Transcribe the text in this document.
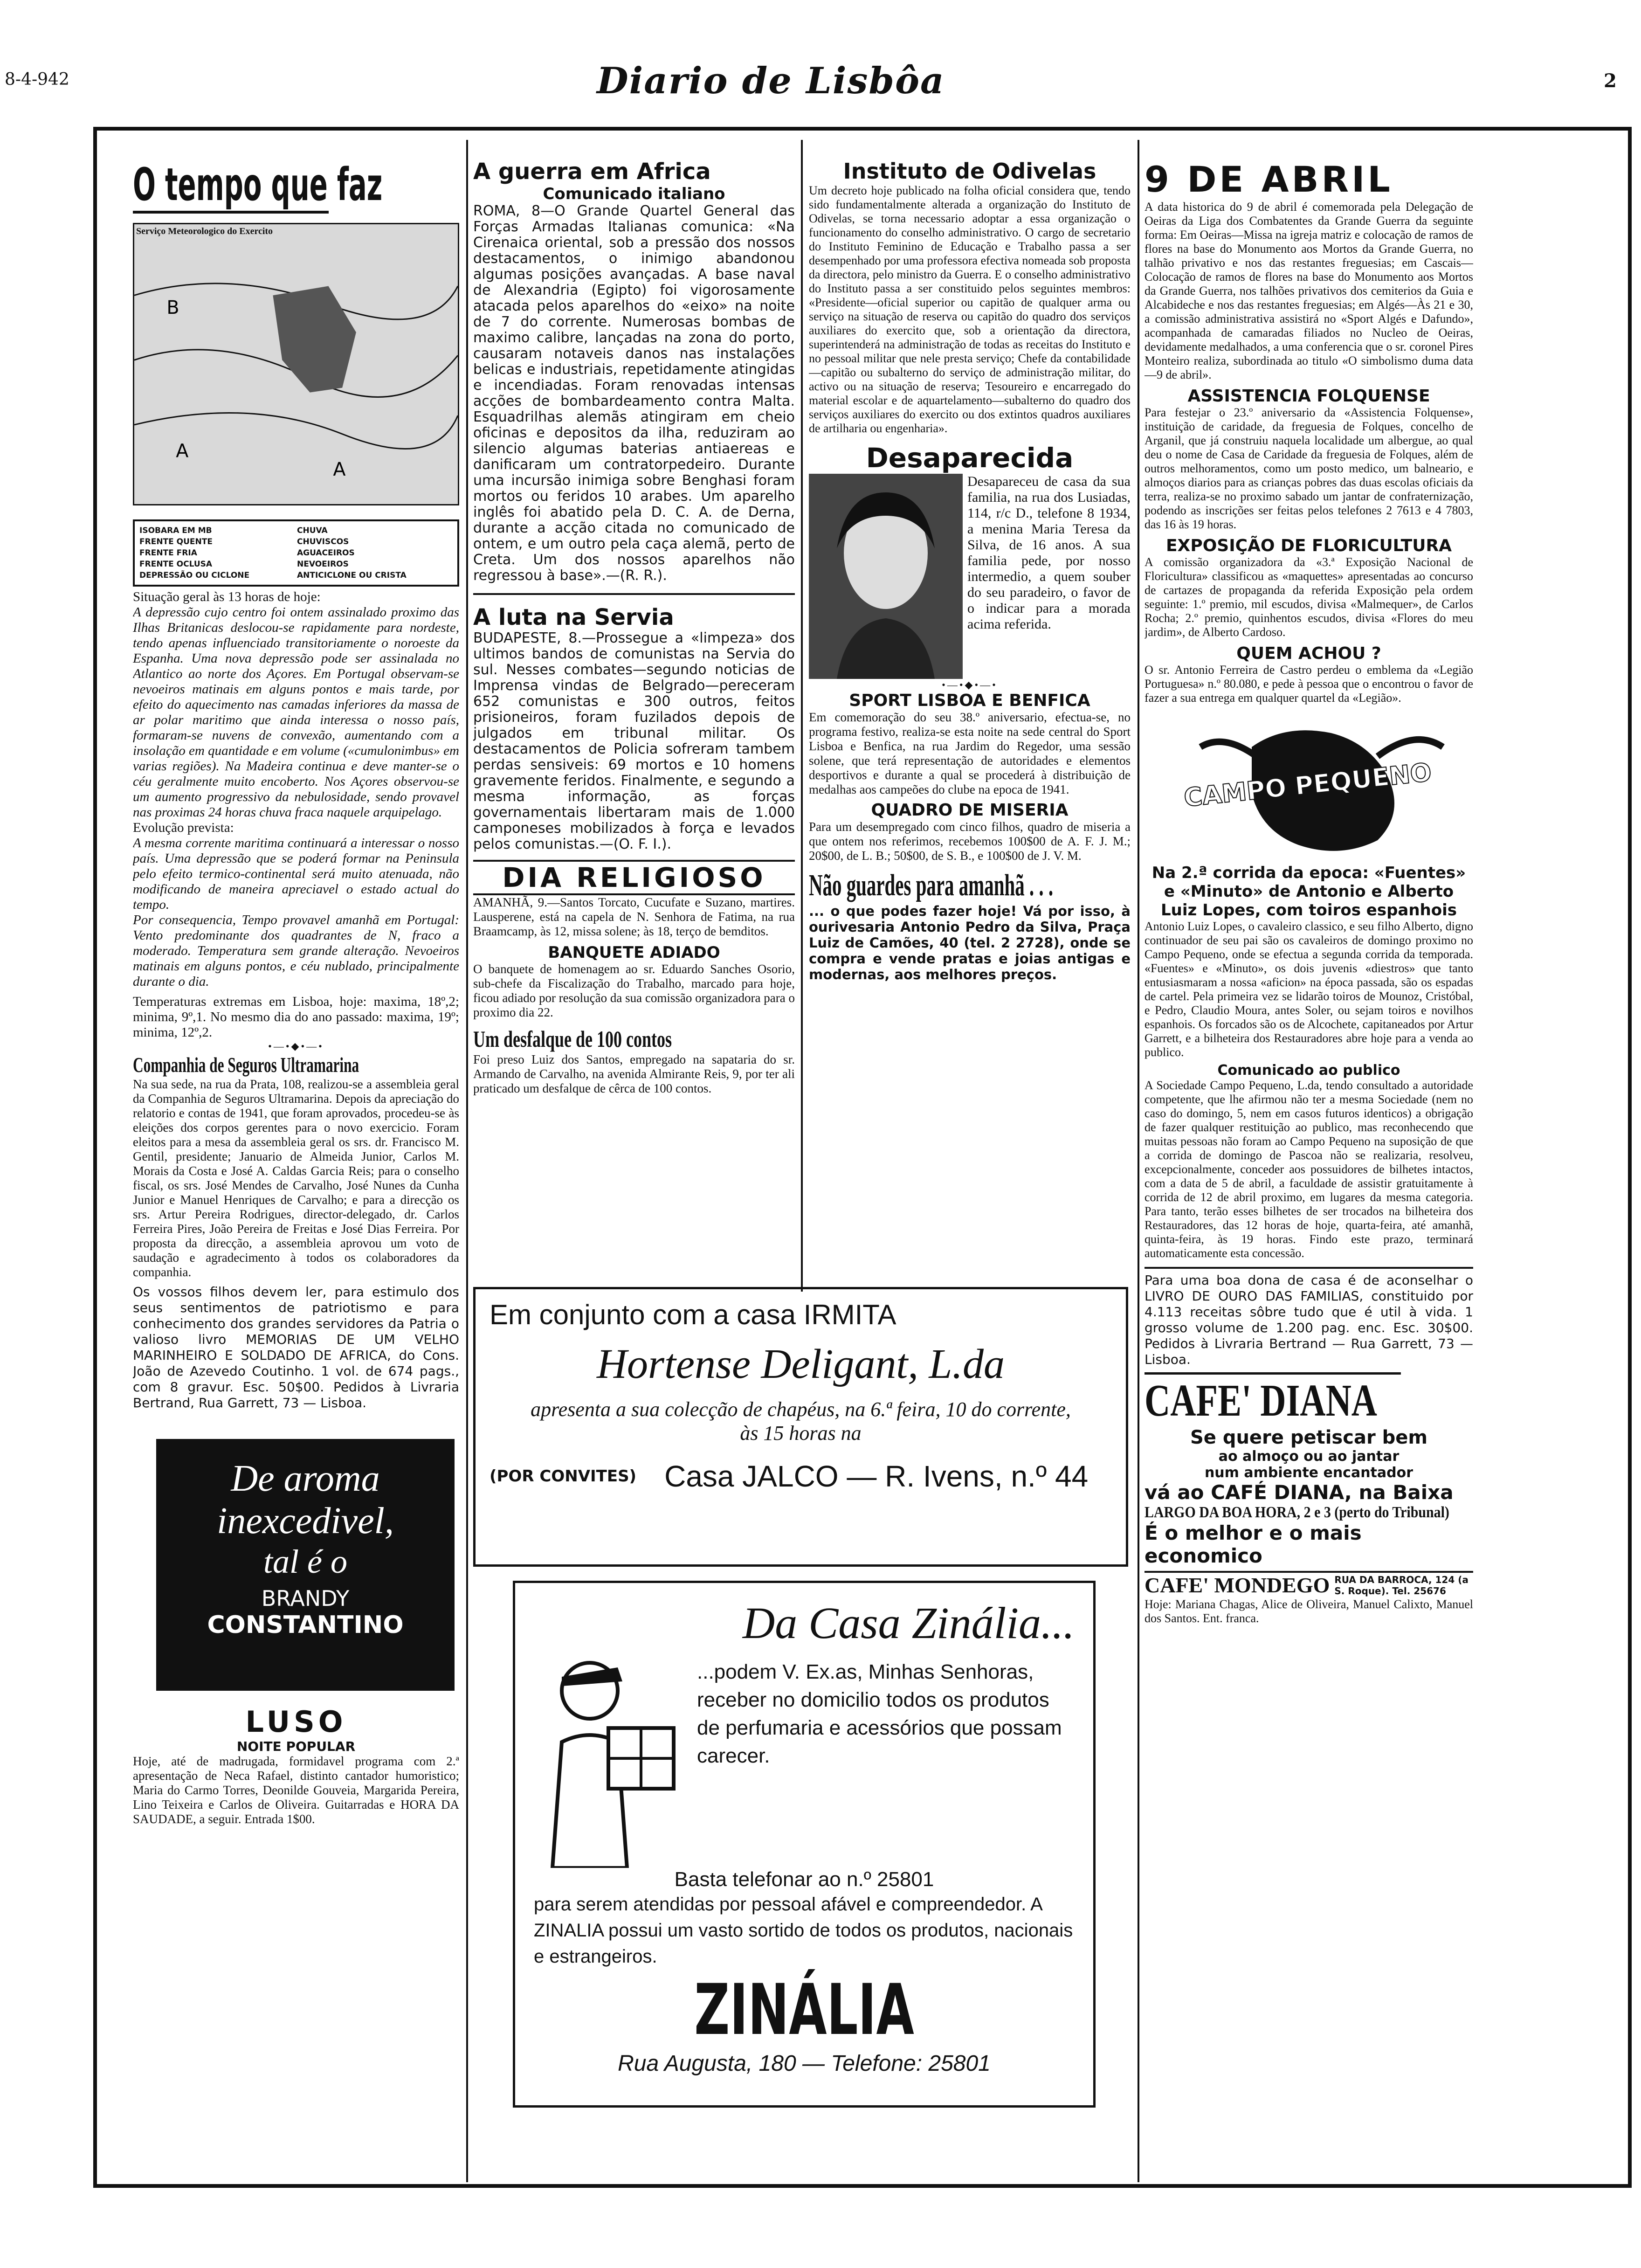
8-4-942	Diario de Lisbôa	2
O tempo que faz
Serviço Meteorologico do Exercito
B
A
A
ISOBARA EM MB	CHUVA
FRENTE QUENTE	CHUVISCOS
FRENTE FRIA	AGUACEIROS
FRENTE OCLUSA	NEVOEIROS
DEPRESSÃO OU CICLONE	ANTICICLONE OU CRISTA

Situação geral às 13 horas de hoje:

A depressão cujo centro foi ontem assinalado proximo das Ilhas Britanicas deslocou-se rapidamente para nordeste, tendo apenas influenciado transitoriamente o noroeste da Espanha. Uma nova depressão pode ser assinalada no Atlantico ao norte dos Açores. Em Portugal observam-se nevoeiros matinais em alguns pontos e mais tarde, por efeito do aquecimento nas camadas inferiores da massa de ar polar maritimo que ainda interessa o nosso país, formaram-se nuvens de convexão, aumentando com a insolação em quantidade e em volume («cumulonimbus» em varias regiões). Na Madeira continua e deve manter-se o céu geralmente muito encoberto. Nos Açores observou-se um aumento progressivo da nebulosidade, sendo provavel nas proximas 24 horas chuva fraca naquele arquipelago.

Evolução prevista:

A mesma corrente maritima continuará a interessar o nosso país. Uma depressão que se poderá formar na Peninsula pelo efeito termico-continental será muito atenuada, não modificando de maneira apreciavel o estado actual do tempo.

Por consequencia, Tempo provavel amanhã em Portugal: Vento predominante dos quadrantes de N, fraco a moderado. Temperatura sem grande alteração. Nevoeiros matinais em alguns pontos, e céu nublado, principalmente durante o dia.

Temperaturas extremas em Lisboa, hoje: maxima, 18º,2; minima, 9º,1. No mesmo dia do ano passado: maxima, 19º; minima, 12º,2.

•—•◆•—•
Companhia de Seguros Ultramarina

Na sua sede, na rua da Prata, 108, realizou-se a assembleia geral da Companhia de Seguros Ultramarina. Depois da apreciação do relatorio e contas de 1941, que foram aprovados, procedeu-se às eleições dos corpos gerentes para o novo exercicio. Foram eleitos para a mesa da assembleia geral os srs. dr. Francisco M. Gentil, presidente; Januario de Almeida Junior, Carlos M. Morais da Costa e José A. Caldas Garcia Reis; para o conselho fiscal, os srs. José Mendes de Carvalho, José Nunes da Cunha Junior e Manuel Henriques de Carvalho; e para a direcção os srs. Artur Pereira Rodrigues, director-delegado, dr. Carlos Ferreira Pires, João Pereira de Freitas e José Dias Ferreira. Por proposta da direcção, a assembleia aprovou um voto de saudação e agradecimento à todos os colaboradores da companhia.

Os vossos filhos devem ler, para estimulo dos seus sentimentos de patriotismo e para conhecimento dos grandes servidores da Patria o valioso livro MEMORIAS DE UM VELHO MARINHEIRO E SOLDADO DE AFRICA, do Cons. João de Azevedo Coutinho. 1 vol. de 674 pags., com 8 gravur. Esc. 50$00. Pedidos à Livraria Bertrand, Rua Garrett, 73 — Lisboa.

De aroma
inexcedivel,
tal é o
BRANDY
CONSTANTINO
LUSO
NOITE POPULAR

Hoje, até de madrugada, formidavel programa com 2.ª apresentação de Neca Rafael, distinto cantador humoristico; Maria do Carmo Torres, Deonilde Gouveia, Margarida Pereira, Lino Teixeira e Carlos de Oliveira. Guitarradas e HORA DA SAUDADE, a seguir. Entrada 1$00.

A guerra em Africa
Comunicado italiano

ROMA, 8—O Grande Quartel General das Forças Armadas Italianas comunica: «Na Cirenaica oriental, sob a pressão dos nossos destacamentos, o inimigo abandonou algumas posições avançadas. A base naval de Alexandria (Egipto) foi vigorosamente atacada pelos aparelhos do «eixo» na noite de 7 do corrente. Numerosas bombas de maximo calibre, lançadas na zona do porto, causaram notaveis danos nas instalações belicas e industriais, repetidamente atingidas e incendiadas. Foram renovadas intensas acções de bombardeamento contra Malta. Esquadrilhas alemãs atingiram em cheio oficinas e depositos da ilha, reduziram ao silencio algumas baterias antiaereas e danificaram um contratorpedeiro. Durante uma incursão inimiga sobre Benghasi foram mortos ou feridos 10 arabes. Um aparelho inglês foi abatido pela D. C. A. de Derna, durante a acção citada no comunicado de ontem, e um outro pela caça alemã, perto de Creta. Um dos nossos aparelhos não regressou à base».—(R. R.).

A luta na Servia

BUDAPESTE, 8.—Prossegue a «limpeza» dos ultimos bandos de comunistas na Servia do sul. Nesses combates—segundo noticias de Imprensa vindas de Belgrado—pereceram 652 comunistas e 300 outros, feitos prisioneiros, foram fuzilados depois de julgados em tribunal militar. Os destacamentos de Policia sofreram tambem perdas sensiveis: 69 mortos e 10 homens gravemente feridos. Finalmente, e segundo a mesma informação, as forças governamentais libertaram mais de 1.000 camponeses mobilizados à força e levados pelos comunistas.—(O. F. I.).

DIA RELIGIOSO

AMANHÃ, 9.—Santos Torcato, Cucufate e Suzano, martires. Lausperene, está na capela de N. Senhora de Fatima, na rua Braamcamp, às 12, missa solene; às 18, terço de bemditos.

BANQUETE ADIADO

O banquete de homenagem ao sr. Eduardo Sanches Osorio, sub-chefe da Fiscalização do Trabalho, marcado para hoje, ficou adiado por resolução da sua comissão organizadora para o proximo dia 22.

Um desfalque de 100 contos

Foi preso Luiz dos Santos, empregado na sapataria do sr. Armando de Carvalho, na avenida Almirante Reis, 9, por ter ali praticado um desfalque de cêrca de 100 contos.

Instituto de Odivelas

Um decreto hoje publicado na folha oficial considera que, tendo sido fundamentalmente alterada a organização do Instituto de Odivelas, se torna necessario adoptar a essa organização o funcionamento do conselho administrativo. O cargo de secretario do Instituto Feminino de Educação e Trabalho passa a ser desempenhado por uma professora efectiva nomeada sob proposta da directora, pelo ministro da Guerra. E o conselho administrativo do Instituto passa a ser constituido pelos seguintes membros: «Presidente—oficial superior ou capitão de qualquer arma ou serviço na situação de reserva ou capitão do quadro dos serviços auxiliares do exercito que, sob a orientação da directora, superintenderá na administração de todas as receitas do Instituto e no pessoal militar que nele presta serviço; Chefe da contabilidade—capitão ou subalterno do serviço de administração militar, do activo ou na situação de reserva; Tesoureiro e encarregado do material escolar e de aquartelamento—subalterno do quadro dos serviços auxiliares do exercito ou dos extintos quadros auxiliares de artilharia ou engenharia».

Desaparecida

Desapareceu de casa da sua familia, na rua dos Lusiadas, 114, r/c D., telefone 8 1934, a menina Maria Teresa da Silva, de 16 anos. A sua familia pede, por nosso intermedio, a quem souber do seu paradeiro, o favor de o indicar para a morada acima referida.

•—•◆•—•
SPORT LISBOA E BENFICA

Em comemoração do seu 38.º aniversario, efectua-se, no programa festivo, realiza-se esta noite na sede central do Sport Lisboa e Benfica, na rua Jardim do Regedor, uma sessão solene, que terá representação de autoridades e elementos desportivos e durante a qual se procederá à distribuição de medalhas aos campeões do clube na epoca de 1941.

QUADRO DE MISERIA

Para um desempregado com cinco filhos, quadro de miseria a que ontem nos referimos, recebemos 100$00 de A. F. J. M.; 20$00, de L. B.; 50$00, de S. B., e 100$00 de J. V. M.

Não guardes para amanhã . . .

... o que podes fazer hoje! Vá por isso, à ourivesaria Antonio Pedro da Silva, Praça Luiz de Camões, 40 (tel. 2 2728), onde se compra e vende pratas e joias antigas e modernas, aos melhores preços.

9 DE ABRIL

A data historica do 9 de abril é comemorada pela Delegação de Oeiras da Liga dos Combatentes da Grande Guerra da seguinte forma: Em Oeiras—Missa na igreja matriz e colocação de ramos de flores na base do Monumento aos Mortos da Grande Guerra, no talhão privativo e nos das restantes freguesias; em Cascais—Colocação de ramos de flores na base do Monumento aos Mortos da Grande Guerra, nos talhões privativos dos cemiterios da Guia e Alcabideche e nos das restantes freguesias; em Algés—Às 21 e 30, a comissão administrativa assistirá no «Sport Algés e Dafundo», acompanhada de camaradas filiados no Nucleo de Oeiras, devidamente medalhados, a uma conferencia que o sr. coronel Pires Monteiro realiza, subordinada ao titulo «O simbolismo duma data—9 de abril».

ASSISTENCIA FOLQUENSE

Para festejar o 23.º aniversario da «Assistencia Folquense», instituição de caridade, da freguesia de Folques, concelho de Arganil, que já construiu naquela localidade um albergue, ao qual deu o nome de Casa de Caridade da freguesia de Folques, além de outros melhoramentos, como um posto medico, um balneario, e almoços diarios para as crianças pobres das duas escolas oficiais da terra, realiza-se no proximo sabado um jantar de confraternização, podendo as inscrições ser feitas pelos telefones 2 7613 e 4 7803, das 16 às 19 horas.

EXPOSIÇÃO DE FLORICULTURA

A comissão organizadora da «3.ª Exposição Nacional de Floricultura» classificou as «maquettes» apresentadas ao concurso de cartazes de propaganda da referida Exposição pela ordem seguinte: 1.º premio, mil escudos, divisa «Malmequer», de Carlos Rocha; 2.º premio, quinhentos escudos, divisa «Flores do meu jardim», de Alberto Cardoso.

QUEM ACHOU ?

O sr. Antonio Ferreira de Castro perdeu o emblema da «Legião Portuguesa» n.º 80.080, e pede à pessoa que o encontrou o favor de fazer a sua entrega em qualquer quartel da «Legião».

CAMPO PEQUENO
Na 2.ª corrida da epoca: «Fuentes» e «Minuto» de Antonio e Alberto Luiz Lopes, com toiros espanhois

Antonio Luiz Lopes, o cavaleiro classico, e seu filho Alberto, digno continuador de seu pai são os cavaleiros de domingo proximo no Campo Pequeno, onde se efectua a segunda corrida da temporada. «Fuentes» e «Minuto», os dois juvenis «diestros» que tanto entusiasmaram a nossa «aficion» na época passada, são os espadas de cartel. Pela primeira vez se lidarão toiros de Mounoz, Cristóbal, e Pedro, Claudio Moura, antes Soler, ou sejam toiros e novilhos espanhois. Os forcados são os de Alcochete, capitaneados por Artur Garrett, e a bilheteira dos Restauradores abre hoje para a venda ao publico.

Comunicado ao publico

A Sociedade Campo Pequeno, L.da, tendo consultado a autoridade competente, que lhe afirmou não ter a mesma Sociedade (nem no caso do domingo, 5, nem em casos futuros identicos) a obrigação de fazer qualquer restituição ao publico, mas reconhecendo que muitas pessoas não foram ao Campo Pequeno na suposição de que a corrida de domingo de Pascoa não se realizaria, resolveu, excepcionalmente, conceder aos possuidores de bilhetes intactos, com a data de 5 de abril, a faculdade de assistir gratuitamente à corrida de 12 de abril proximo, em lugares da mesma categoria. Para tanto, terão esses bilhetes de ser trocados na bilheteira dos Restauradores, das 12 horas de hoje, quarta-feira, até amanhã, quinta-feira, às 19 horas. Findo este prazo, terminará automaticamente esta concessão.

Para uma boa dona de casa é de aconselhar o LIVRO DE OURO DAS FAMILIAS, constituido por 4.113 receitas sôbre tudo que é util à vida. 1 grosso volume de 1.200 pag. enc. Esc. 30$00. Pedidos à Livraria Bertrand — Rua Garrett, 73 — Lisboa.

CAFE' DIANA
Se quere petiscar bem
ao almoço ou ao jantar
num ambiente encantador
vá ao CAFÉ DIANA, na Baixa
LARGO DA BOA HORA, 2 e 3 (perto do Tribunal)
É o melhor e o mais economico
CAFE' MONDEGO RUA DA BARROCA, 124 (a S. Roque). Tel. 25676

Hoje: Mariana Chagas, Alice de Oliveira, Manuel Calixto, Manuel dos Santos. Ent. franca.

Em conjunto com a casa IRMITA
Hortense Deligant, L.da
apresenta a sua colecção de chapéus, na 6.ª feira, 10 do corrente,
às 15 horas na
(POR CONVITES) Casa JALCO — R. Ivens, n.º 44
Da Casa Zinália...

...podem V. Ex.as, Minhas Senhoras, receber no domicilio todos os produtos de perfumaria e acessórios que possam carecer.

Basta telefonar ao n.º 25801

para serem atendidas por pessoal afável e compreendedor. A ZINALIA possui um vasto sortido de todos os produtos, nacionais e estrangeiros.

ZINÁLIA
Rua Augusta, 180 — Telefone: 25801
